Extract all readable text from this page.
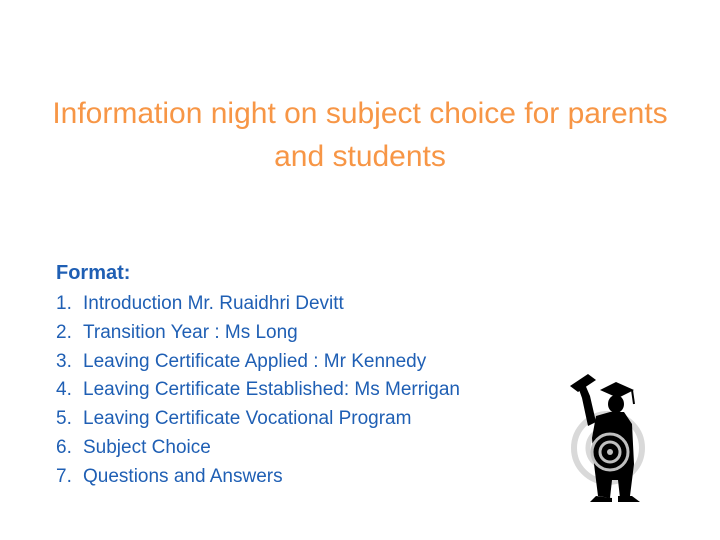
Information night on subject choice for parents and students
Format:
1. Introduction Mr. Ruaidhri Devitt
2. Transition Year : Ms Long
3. Leaving Certificate Applied : Mr Kennedy
4. Leaving Certificate Established: Ms Merrigan
5. Leaving Certificate Vocational Program
6. Subject Choice
7. Questions and Answers
